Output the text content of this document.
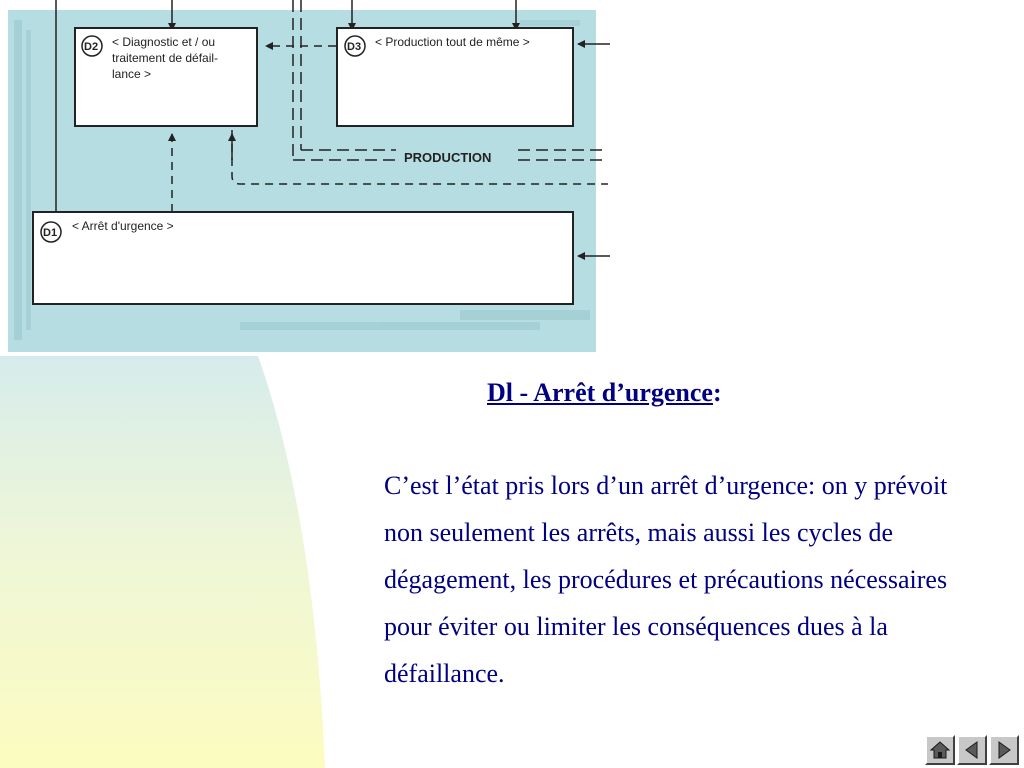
PRODUCTION
D2 < Diagnostic et / ou
traitement de défail-
lance >
D3 < Production tout de même >
D1 < Arrêt d'urgence >
Dl - Arrêt d’urgence:

C’est l’état pris lors d’un arrêt d’urgence: on y prévoit non seulement les arrêts, mais aussi les cycles de dégagement, les procédures et précautions nécessaires pour éviter ou limiter les conséquences dues à la défaillance.
